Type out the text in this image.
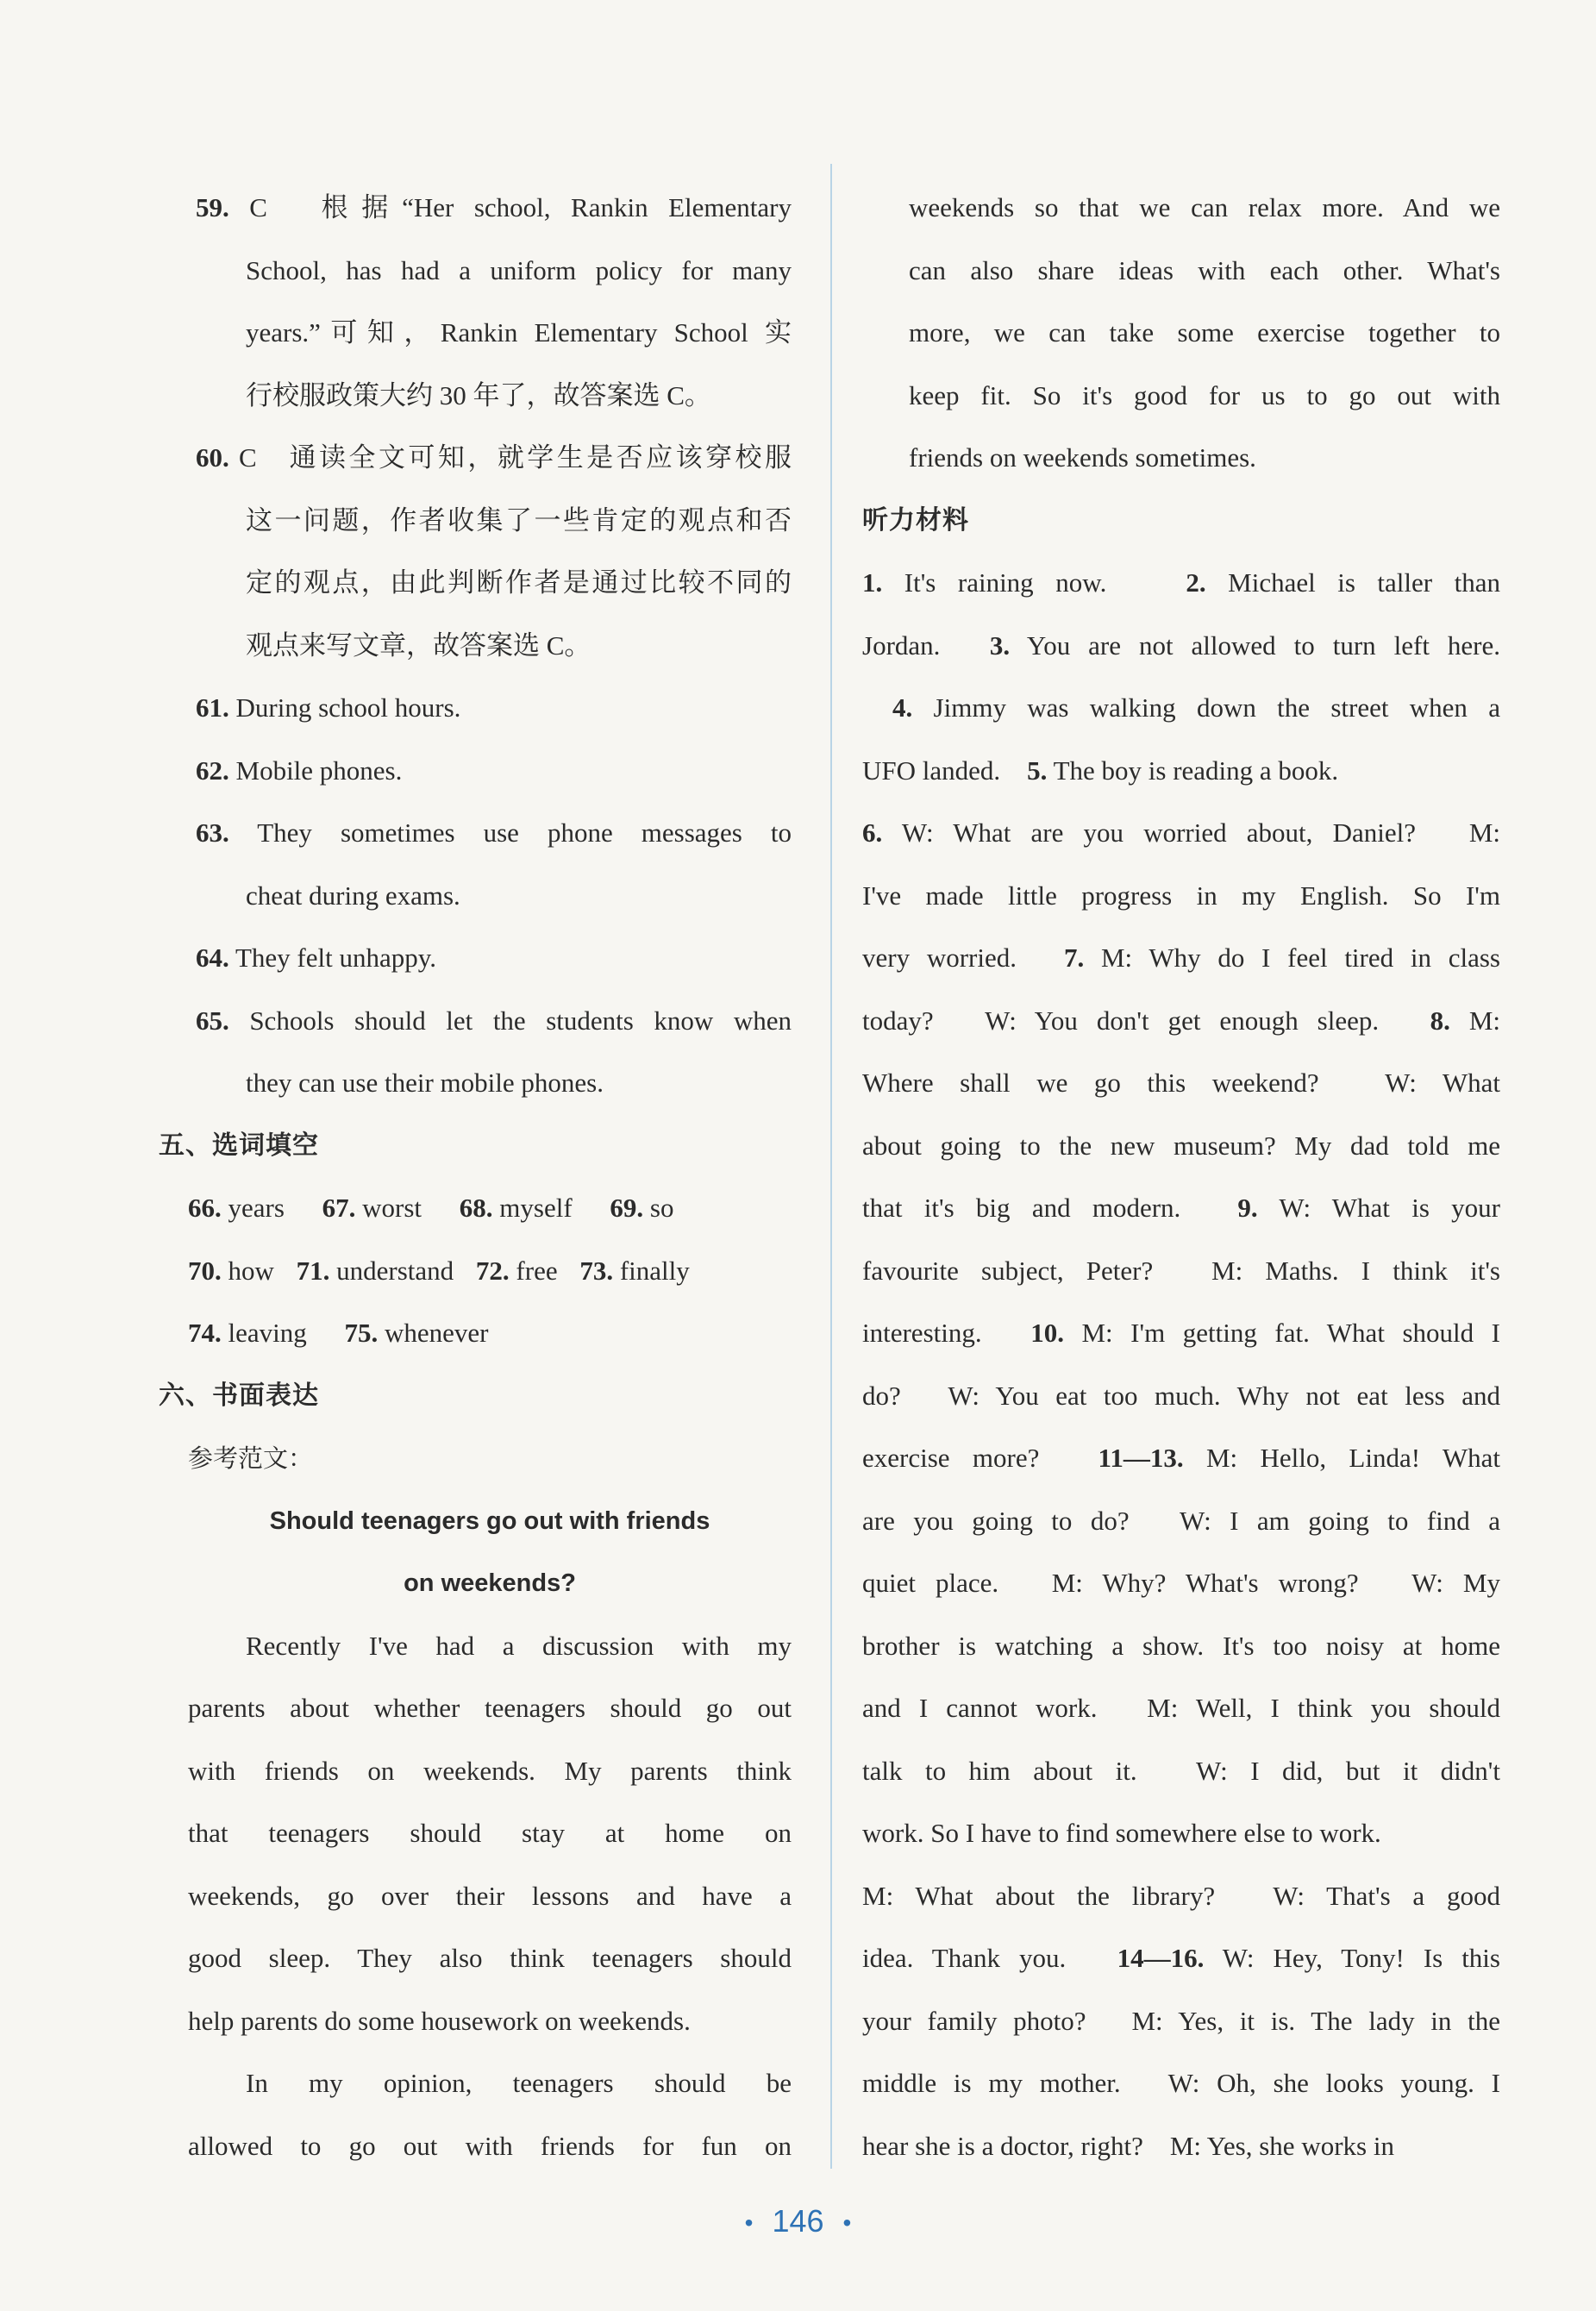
59. C　根据“Her school, Rankin Elementary

School, has had a uniform policy for many

years.”可知，Rankin Elementary School 实

行校服政策大约 30 年了，故答案选 C。

60. C　通读全文可知，就学生是否应该穿校服

这一问题，作者收集了一些肯定的观点和否

定的观点，由此判断作者是通过比较不同的

观点来写文章，故答案选 C。

61. During school hours.

62. Mobile phones.

63. They sometimes use phone messages to

cheat during exams.

64. They felt unhappy.

65. Schools should let the students know when

they can use their mobile phones.

五、选词填空

66. years 67. worst 68. myself 69. so

70. how 71. understand 72. free 73. finally

74. leaving 75. whenever

六、书面表达

参考范文：

Should teenagers go out with friends

on weekends?

Recently I've had a discussion with my

parents about whether teenagers should go out

with friends on weekends. My parents think

that teenagers should stay at home on

weekends, go over their lessons and have a

good sleep. They also think teenagers should

help parents do some housework on weekends.

In my opinion, teenagers should be

allowed to go out with friends for fun on

weekends so that we can relax more. And we

can also share ideas with each other. What's

more, we can take some exercise together to

keep fit. So it's good for us to go out with

friends on weekends sometimes.

听力材料

1. It's raining now.　 2. Michael is taller than

Jordan.　3. You are not allowed to turn left here.

4. Jimmy was walking down the street when a

UFO landed.　5. The boy is reading a book.

6. W: What are you worried about, Daniel?　M:

I've made little progress in my English. So I'm

very worried.　7. M: Why do I feel tired in class

today?　W: You don't get enough sleep.　8. M:

Where shall we go this weekend?　W: What

about going to the new museum? My dad told me

that it's big and modern.　9. W: What is your

favourite subject, Peter?　M: Maths. I think it's

interesting.　10. M: I'm getting fat. What should I

do?　W: You eat too much. Why not eat less and

exercise more?　11—13. M: Hello, Linda! What

are you going to do?　W: I am going to find a

quiet place.　M: Why? What's wrong?　W: My

brother is watching a show. It's too noisy at home

and I cannot work.　M: Well, I think you should

talk to him about it.　W: I did, but it didn't

work. So I have to find somewhere else to work.

M: What about the library?　W: That's a good

idea. Thank you.　14—16. W: Hey, Tony! Is this

your family photo?　M: Yes, it is. The lady in the

middle is my mother.　W: Oh, she looks young. I

hear she is a doctor, right?　M: Yes, she works in

• 146 •
